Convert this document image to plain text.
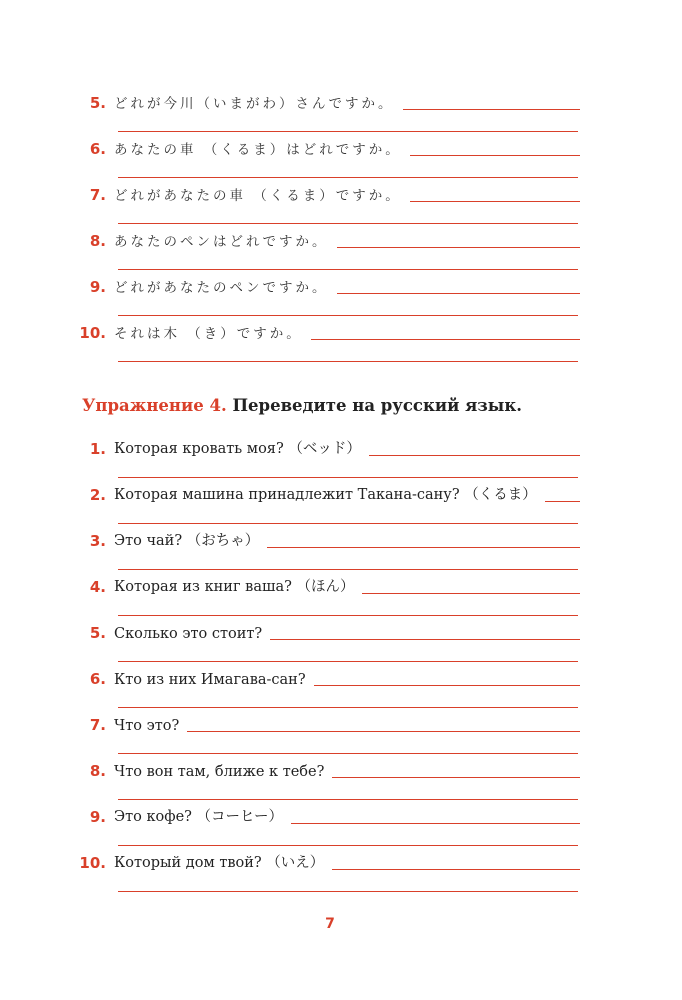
5. どれが今川（いまがわ）さんですか。
6. あなたの車 （くるま）はどれですか。
7. どれがあなたの車 （くるま）ですか。
8. あなたのペンはどれですか。
9. どれがあなたのペンですか。
10. それは木 （き）ですか。
Упражнение 4. Переведите на русский язык.
1. Которая кровать моя? （ベッド）
2. Которая машина принадлежит Такана-сану? （くるま）
3. Это чай? （おちゃ）
4. Которая из книг ваша? （ほん）
5. Сколько это стоит?
6. Кто из них Имагава-сан?
7. Что это?
8. Что вон там, ближе к тебе?
9. Это кофе? （コーヒー）
10. Который дом твой? （いえ）
7
